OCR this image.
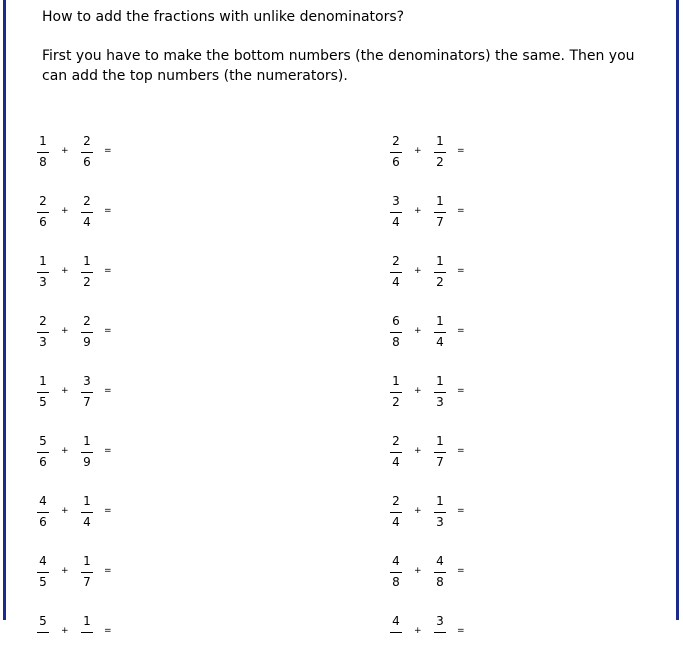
How to add the fractions with unlike denominators?
First you have to make the bottom numbers (the denominators) the same. Then you can add the top numbers (the numerators).
1
8
+
2
6
=
2
6
+
2
4
=
1
3
+
1
2
=
2
3
+
2
9
=
1
5
+
3
7
=
5
6
+
1
9
=
4
6
+
1
4
=
4
5
+
1
7
=
5
+
1
=
2
6
+
1
2
=
3
4
+
1
7
=
2
4
+
1
2
=
6
8
+
1
4
=
1
2
+
1
3
=
2
4
+
1
7
=
2
4
+
1
3
=
4
8
+
4
8
=
4
+
3
=
